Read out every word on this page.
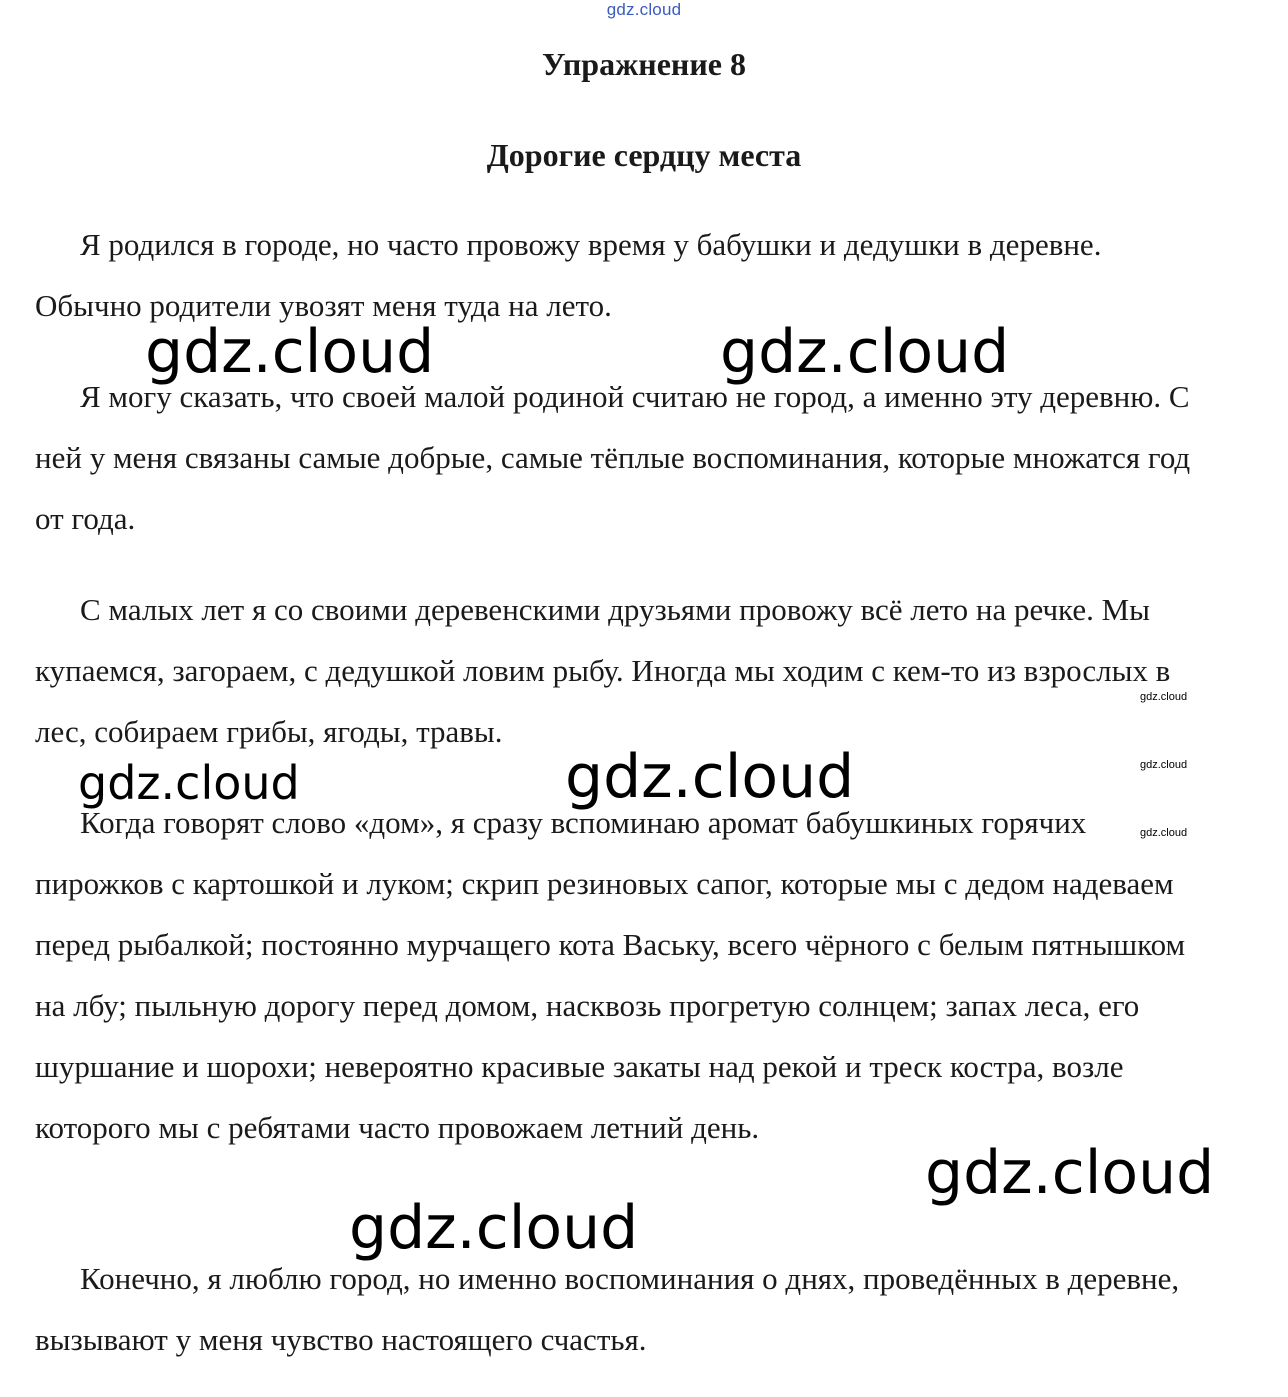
gdz.cloud
Упражнение 8
Дорогие сердцу места

Я родился в городе, но часто провожу время у бабушки и дедушки в деревне. Обычно родители увозят меня туда на лето.

Я могу сказать, что своей малой родиной считаю не город, а именно эту деревню. С ней у меня связаны самые добрые, самые тёплые воспоминания, которые множатся год от года.

С малых лет я со своими деревенскими друзьями провожу всё лето на речке. Мы купаемся, загораем, с дедушкой ловим рыбу. Иногда мы ходим с кем-то из взрослых в лес, собираем грибы, ягоды, травы.

Когда говорят слово «дом», я сразу вспоминаю аромат бабушкиных горячих пирожков с картошкой и луком; скрип резиновых сапог, которые мы с дедом надеваем перед рыбалкой; постоянно мурчащего кота Ваську, всего чёрного с белым пятнышком на лбу; пыльную дорогу перед домом, насквозь прогретую солнцем; запах леса, его шуршание и шорохи; невероятно красивые закаты над рекой и треск костра, возле которого мы с ребятами часто провожаем летний день.

Конечно, я люблю город, но именно воспоминания о днях, проведённых в деревне, вызывают у меня чувство настоящего счастья.

gdz.cloud	gdz.cloud
gdz.cloud	gdz.cloud
gdz.cloud
gdz.cloud
gdz.cloud
gdz.cloud
gdz.cloud
